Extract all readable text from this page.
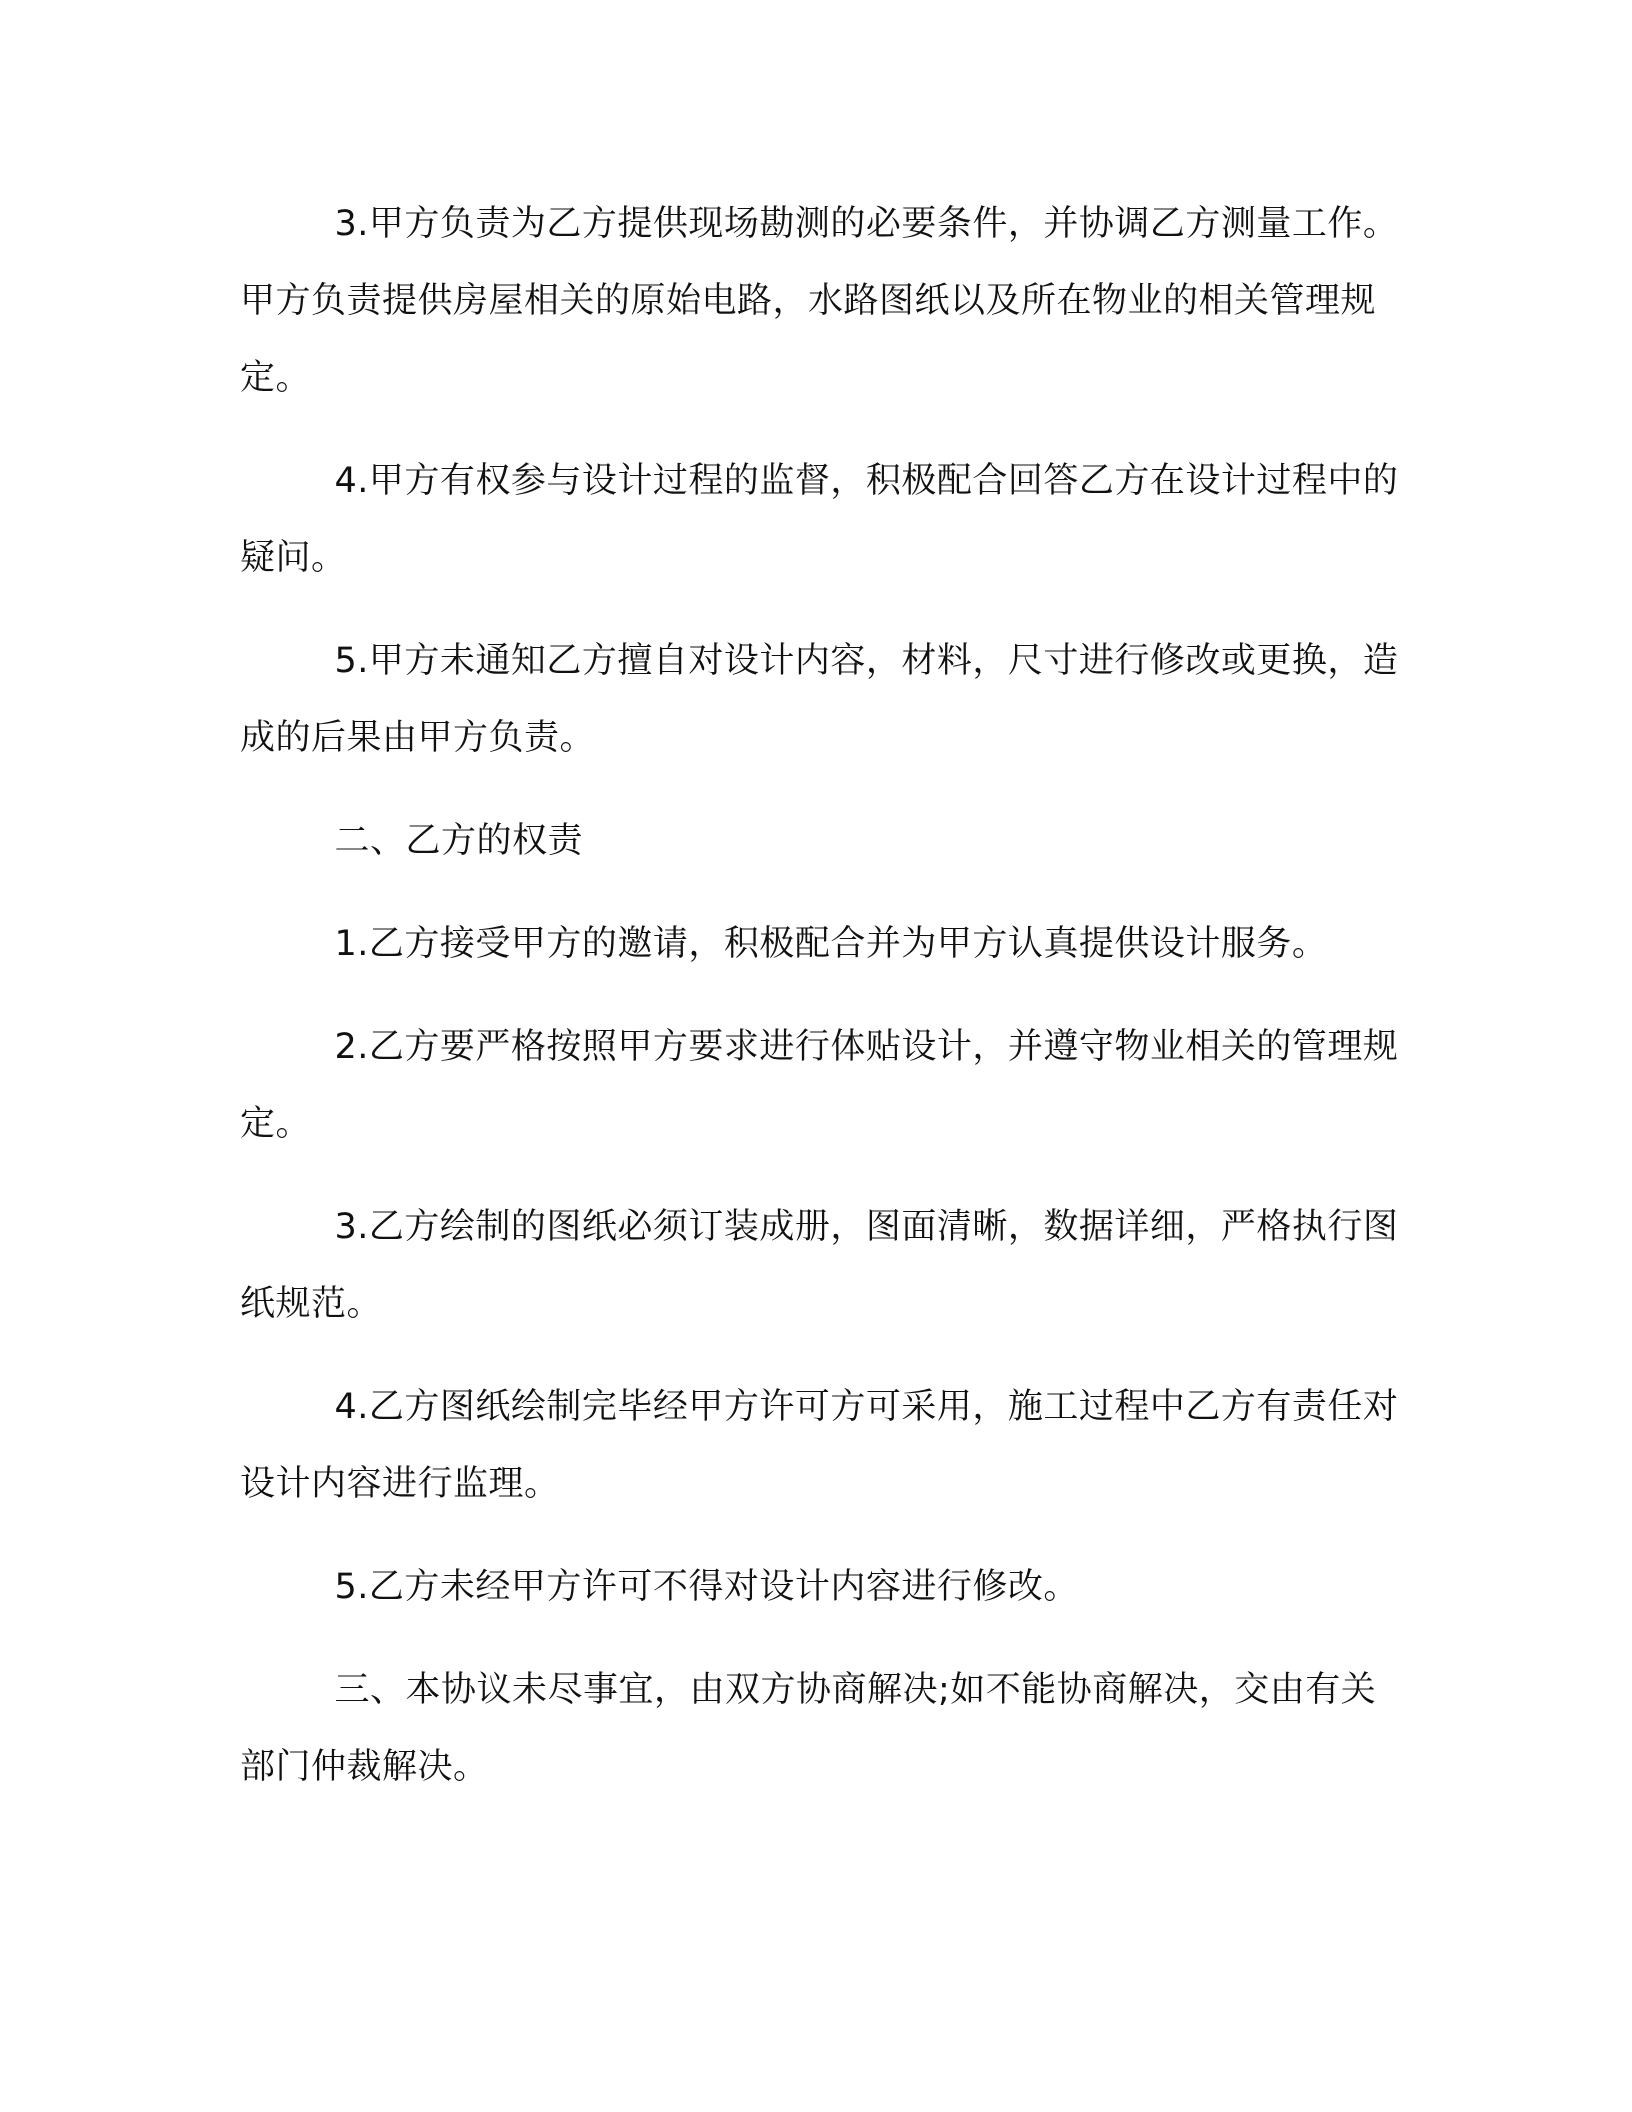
3.甲方负责为乙方提供现场勘测的必要条件，并协调乙方测量工作。甲方负责提供房屋相关的原始电路，水路图纸以及所在物业的相关管理规定。

4.甲方有权参与设计过程的监督，积极配合回答乙方在设计过程中的疑问。

5.甲方未通知乙方擅自对设计内容，材料，尺寸进行修改或更换，造成的后果由甲方负责。

二、乙方的权责

1.乙方接受甲方的邀请，积极配合并为甲方认真提供设计服务。

2.乙方要严格按照甲方要求进行体贴设计，并遵守物业相关的管理规定。

3.乙方绘制的图纸必须订装成册，图面清晰，数据详细，严格执行图纸规范。

4.乙方图纸绘制完毕经甲方许可方可采用，施工过程中乙方有责任对设计内容进行监理。

5.乙方未经甲方许可不得对设计内容进行修改。

三、本协议未尽事宜，由双方协商解决;如不能协商解决，交由有关部门仲裁解决。
